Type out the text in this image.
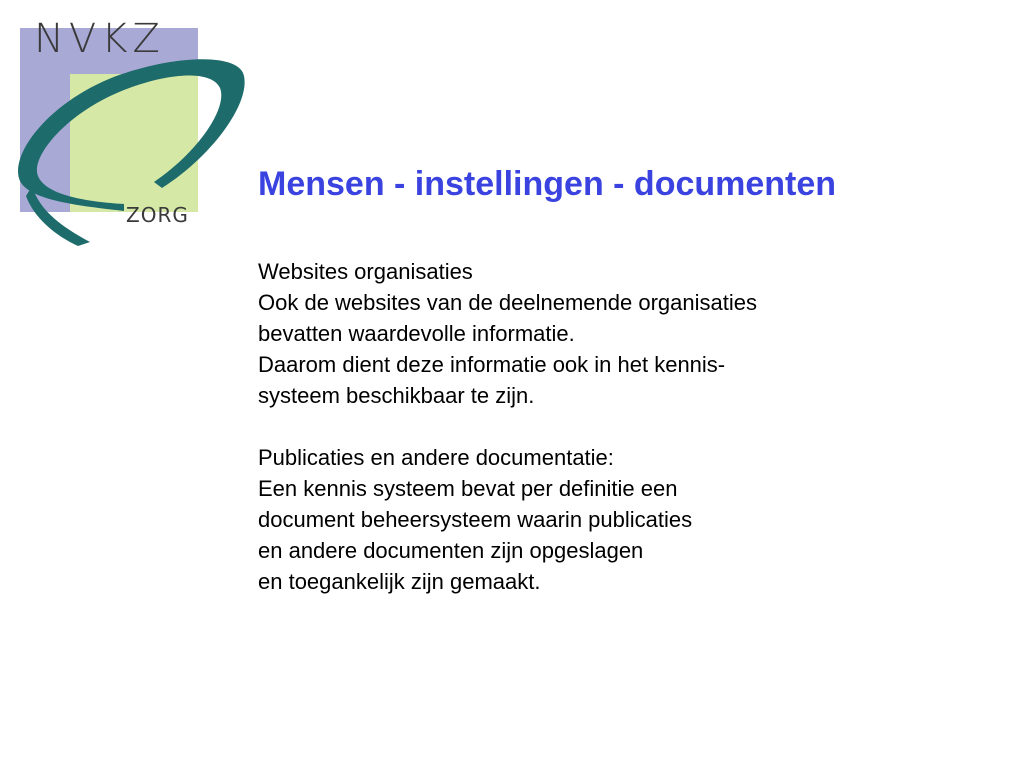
NVKZ
ZORG
Mensen - instellingen - documenten
Websites organisaties
Ook de websites van de deelnemende organisaties
bevatten waardevolle informatie.
Daarom dient deze informatie ook in het kennis-
systeem beschikbaar te zijn.
Publicaties en andere documentatie:
Een kennis systeem bevat per definitie een
document beheersysteem waarin publicaties
en andere documenten zijn opgeslagen
en toegankelijk zijn gemaakt.
